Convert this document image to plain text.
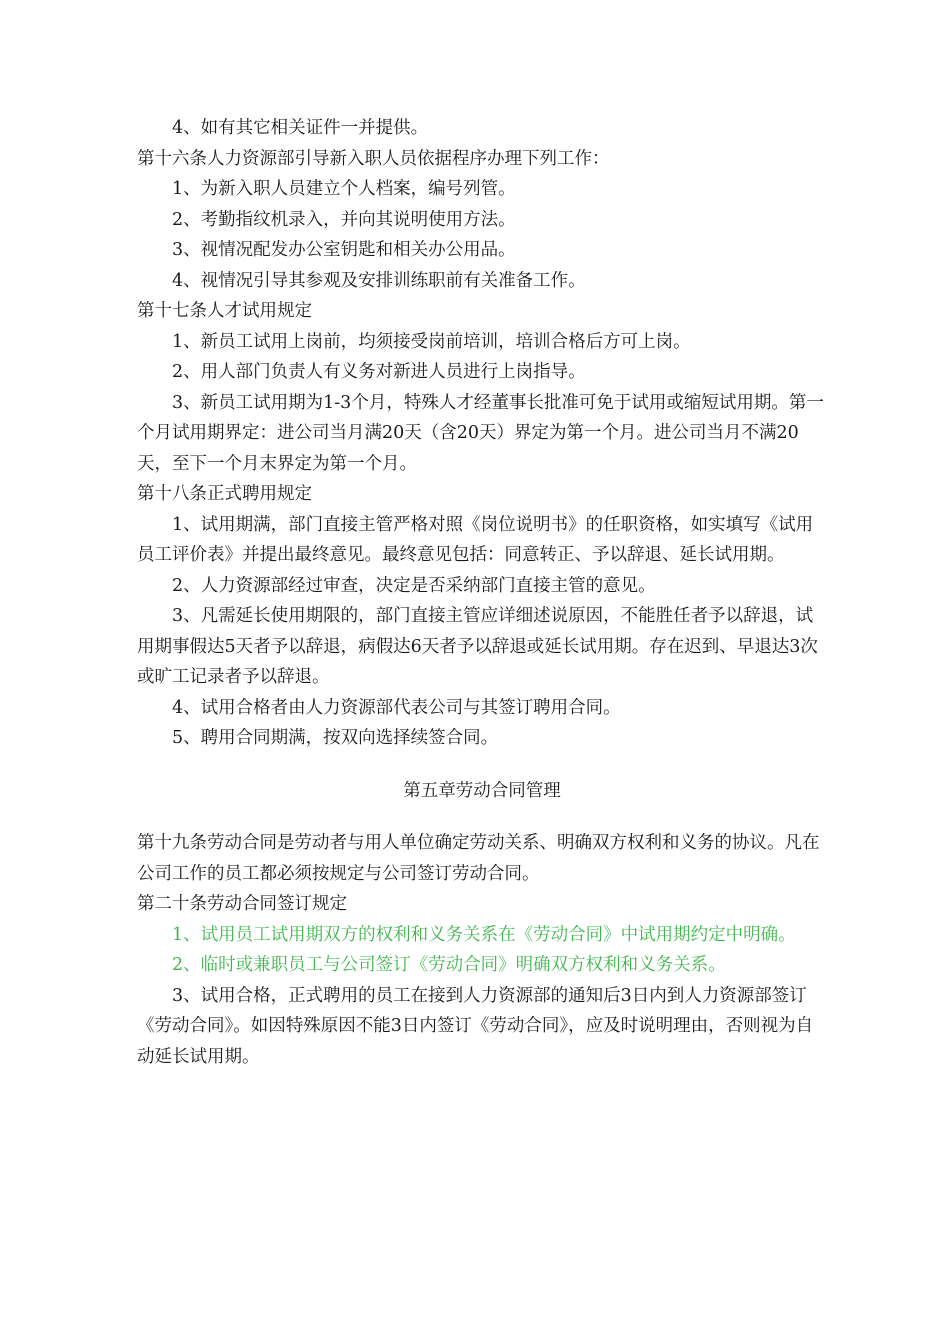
4、如有其它相关证件一并提供。

第十六条人力资源部引导新入职人员依据程序办理下列工作：

1、为新入职人员建立个人档案，编号列管。

2、考勤指纹机录入，并向其说明使用方法。

3、视情况配发办公室钥匙和相关办公用品。

4、视情况引导其参观及安排训练职前有关准备工作。

第十七条人才试用规定

1、新员工试用上岗前，均须接受岗前培训，培训合格后方可上岗。

2、用人部门负责人有义务对新进人员进行上岗指导。

3、新员工试用期为1-3个月，特殊人才经董事长批准可免于试用或缩短试用期。第一个月试用期界定：进公司当月满20天（含20天）界定为第一个月。进公司当月不满20天，至下一个月末界定为第一个月。

第十八条正式聘用规定

1、试用期满，部门直接主管严格对照《岗位说明书》的任职资格，如实填写《试用员工评价表》并提出最终意见。最终意见包括：同意转正、予以辞退、延长试用期。

2、人力资源部经过审查，决定是否采纳部门直接主管的意见。

3、凡需延长使用期限的，部门直接主管应详细述说原因，不能胜任者予以辞退，试用期事假达5天者予以辞退，病假达6天者予以辞退或延长试用期。存在迟到、早退达3次或旷工记录者予以辞退。

4、试用合格者由人力资源部代表公司与其签订聘用合同。

5、聘用合同期满，按双向选择续签合同。

第五章劳动合同管理

第十九条劳动合同是劳动者与用人单位确定劳动关系、明确双方权利和义务的协议。凡在公司工作的员工都必须按规定与公司签订劳动合同。

第二十条劳动合同签订规定

1、试用员工试用期双方的权利和义务关系在《劳动合同》中试用期约定中明确。

2、临时或兼职员工与公司签订《劳动合同》明确双方权利和义务关系。

3、试用合格，正式聘用的员工在接到人力资源部的通知后3日内到人力资源部签订《劳动合同》。如因特殊原因不能3日内签订《劳动合同》，应及时说明理由，否则视为自动延长试用期。
